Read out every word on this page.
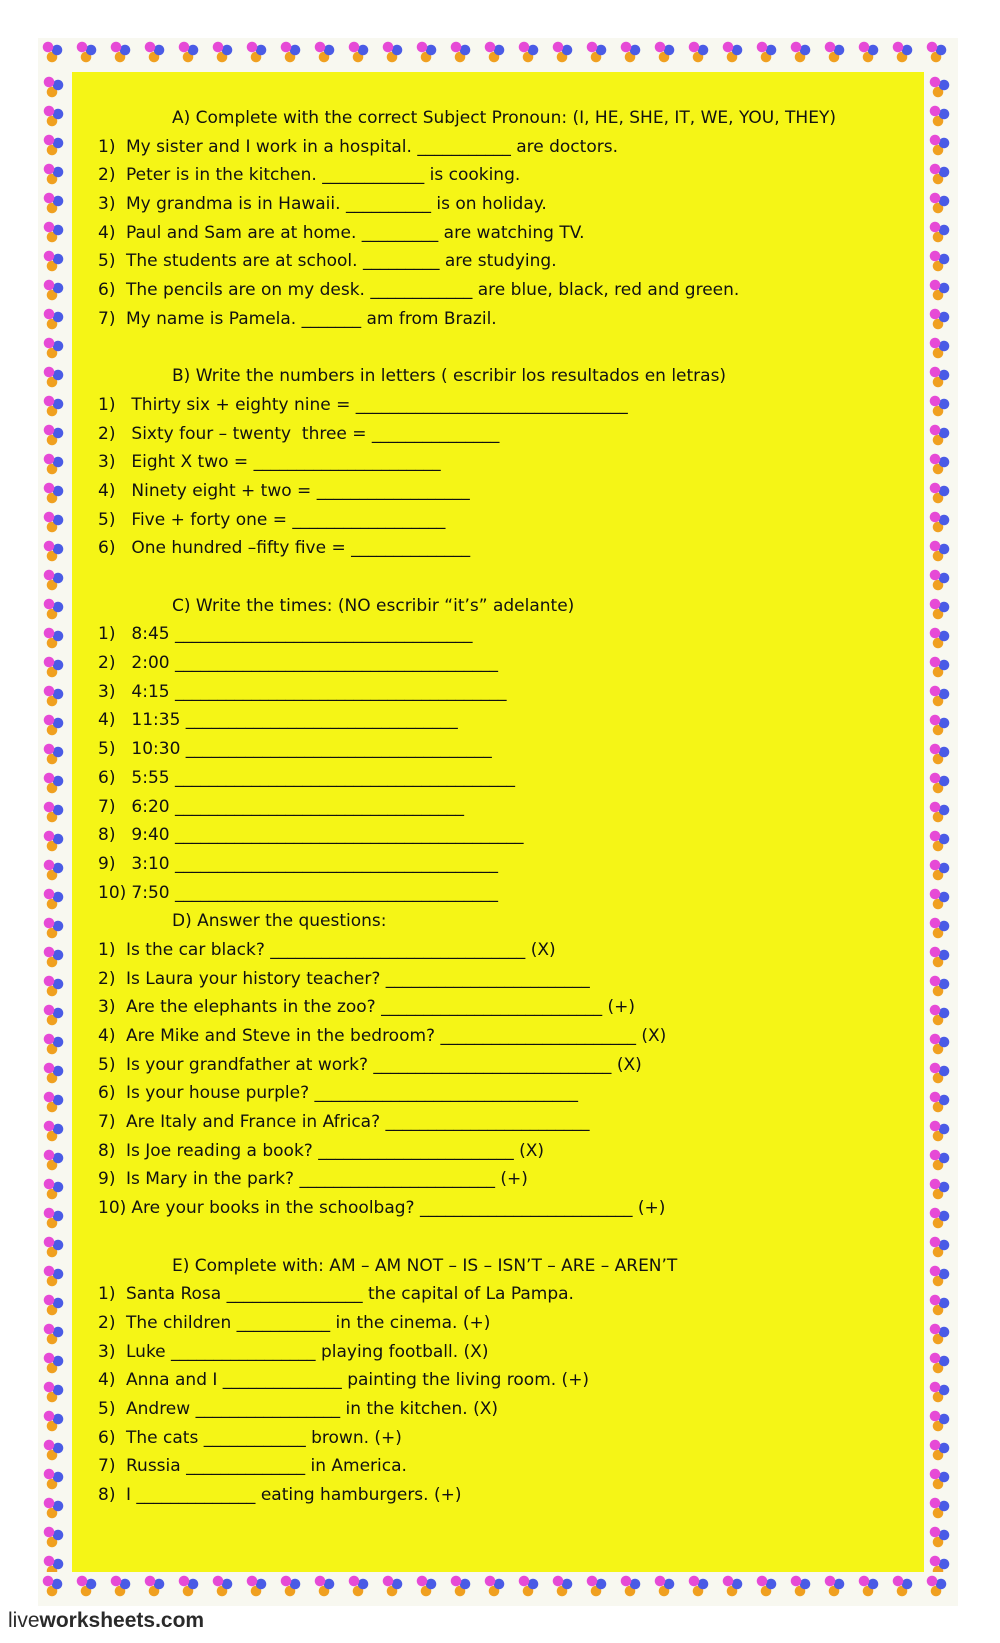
A) Complete with the correct Subject Pronoun: (I, HE, SHE, IT, WE, YOU, THEY)
1) My sister and I work in a hospital. ___________ are doctors.
2) Peter is in the kitchen. ____________ is cooking.
3) My grandma is in Hawaii. __________ is on holiday.
4) Paul and Sam are at home. _________ are watching TV.
5) The students are at school. _________ are studying.
6) The pencils are on my desk. ____________ are blue, black, red and green.
7) My name is Pamela. _______ am from Brazil.
B) Write the numbers in letters ( escribir los resultados en letras)
1) Thirty six + eighty nine = ________________________________
2) Sixty four – twenty  three = _______________
3) Eight X two = ______________________
4) Ninety eight + two = __________________
5) Five + forty one = __________________
6) One hundred –fifty five = ______________
C) Write the times: (NO escribir “it’s” adelante)
1) 8:45 ___________________________________
2) 2:00 ______________________________________
3) 4:15 _______________________________________
4) 11:35 ________________________________
5) 10:30 ____________________________________
6) 5:55 ________________________________________
7) 6:20 __________________________________
8) 9:40 _________________________________________
9) 3:10 ______________________________________
10) 7:50 ______________________________________
D) Answer the questions:
1) Is the car black? ______________________________ (X)
2) Is Laura your history teacher? ________________________
3) Are the elephants in the zoo? __________________________ (+)
4) Are Mike and Steve in the bedroom? _______________________ (X)
5) Is your grandfather at work? ____________________________ (X)
6) Is your house purple? _______________________________
7) Are Italy and France in Africa? ________________________
8) Is Joe reading a book? _______________________ (X)
9) Is Mary in the park? _______________________ (+)
10) Are your books in the schoolbag? _________________________ (+)
E) Complete with: AM – AM NOT – IS – ISN’T – ARE – AREN’T
1) Santa Rosa ________________ the capital of La Pampa.
2) The children ___________ in the cinema. (+)
3) Luke _________________ playing football. (X)
4) Anna and I ______________ painting the living room. (+)
5) Andrew _________________ in the kitchen. (X)
6) The cats ____________ brown. (+)
7) Russia ______________ in America.
8) I ______________ eating hamburgers. (+)
liveworksheets.com
